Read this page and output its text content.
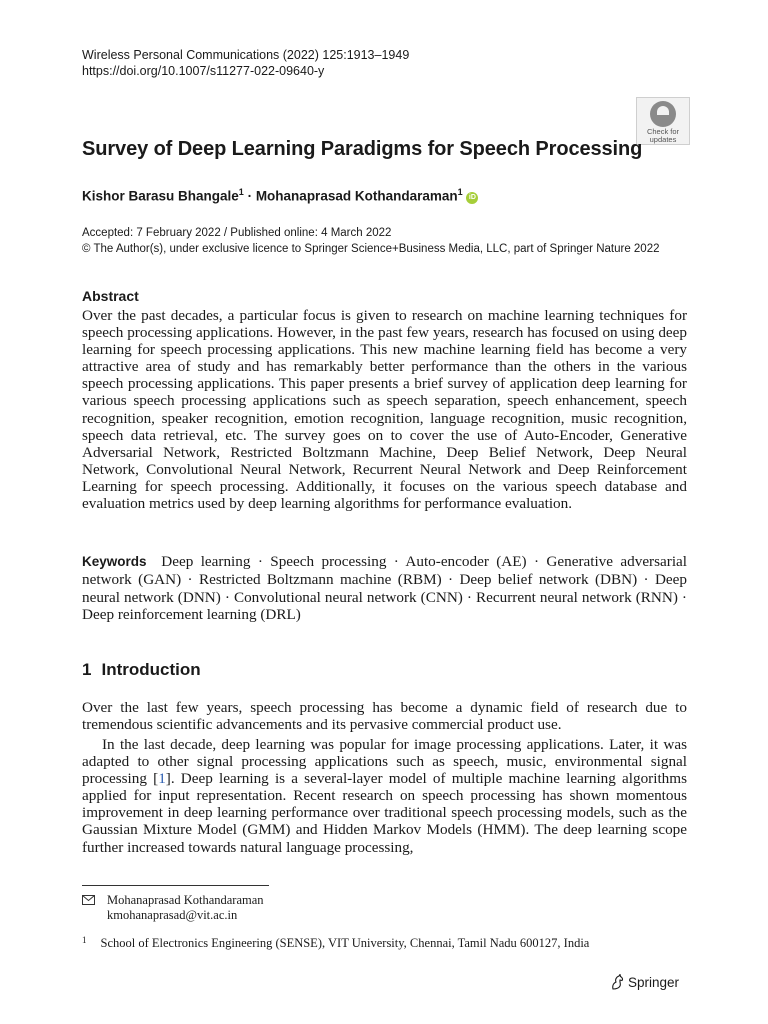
Wireless Personal Communications (2022) 125:1913–1949
https://doi.org/10.1007/s11277-022-09640-y
Check for
updates
Survey of Deep Learning Paradigms for Speech Processing
Kishor Barasu Bhangale$^1$ · Mohanaprasad Kothandaraman$^1$ iD
Accepted: 7 February 2022 / Published online: 4 March 2022
© The Author(s), under exclusive licence to Springer Science+Business Media, LLC, part of Springer Nature 2022
Abstract
Over the past decades, a particular focus is given to research on machine learning techniques for speech processing applications. However, in the past few years, research has focused on using deep learning for speech processing applications. This new machine learning field has become a very attractive area of study and has remarkably better performance than the others in the various speech processing applications. This paper presents a brief survey of application deep learning for various speech processing applications such as speech separation, speech enhancement, speech recognition, speaker recognition, emotion recognition, language recognition, music recognition, speech data retrieval, etc. The survey goes on to cover the use of Auto-Encoder, Generative Adversarial Network, Restricted Boltzmann Machine, Deep Belief Network, Deep Neural Network, Convolutional Neural Network, Recurrent Neural Network and Deep Reinforcement Learning for speech processing. Additionally, it focuses on the various speech database and evaluation metrics used by deep learning algorithms for performance evaluation.
Keywords Deep learning · Speech processing · Auto-encoder (AE) · Generative adversarial network (GAN) · Restricted Boltzmann machine (RBM) · Deep belief network (DBN) · Deep neural network (DNN) · Convolutional neural network (CNN) · Recurrent neural network (RNN) · Deep reinforcement learning (DRL)
1 Introduction
Over the last few years, speech processing has become a dynamic field of research due to tremendous scientific advancements and its pervasive commercial product use.
In the last decade, deep learning was popular for image processing applications. Later, it was adapted to other signal processing applications such as speech, music, environmental signal processing [1]. Deep learning is a several-layer model of multiple machine learning algorithms applied for input representation. Recent research on speech processing has shown momentous improvement in deep learning performance over traditional speech processing models, such as the Gaussian Mixture Model (GMM) and Hidden Markov Models (HMM). The deep learning scope further increased towards natural language processing,
Mohanaprasad Kothandaraman
kmohanaprasad@vit.ac.in
$^1$ School of Electronics Engineering (SENSE), VIT University, Chennai, Tamil Nadu 600127, India
Springer
